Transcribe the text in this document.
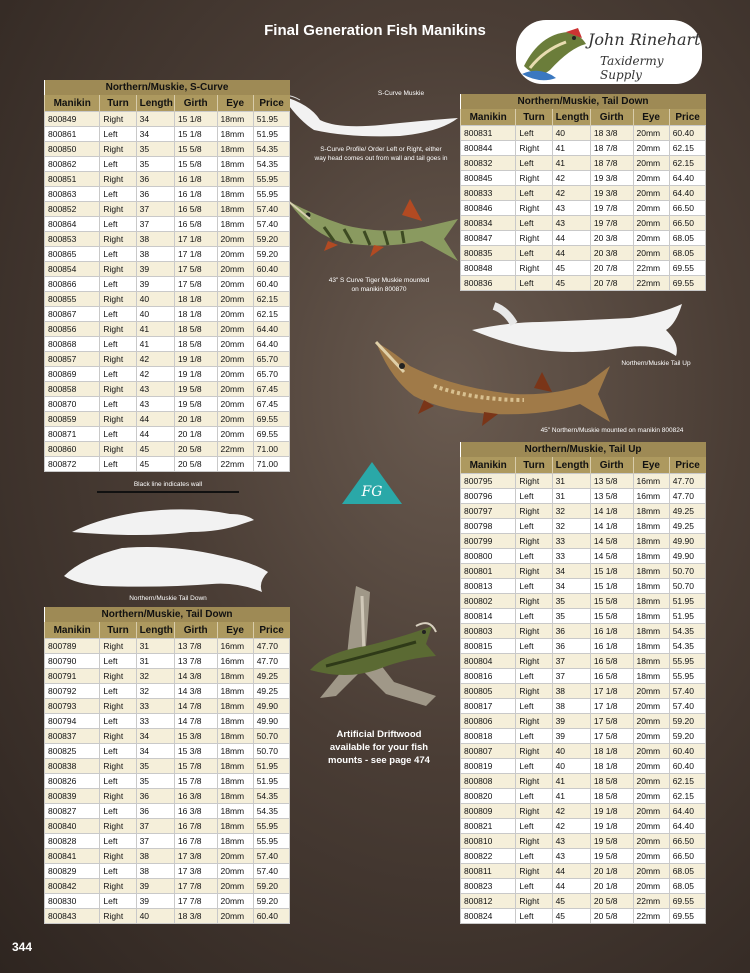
Final Generation Fish Manikins	John Rinehart
Taxidermy Supply
S-Curve Muskie
S-Curve Profile/ Order Left or Right, either
way head comes out from wall and tail goes in
43" S Curve Tiger Muskie mounted
on manikin 800870
Northern/Muskie Tail Up
45" Northern/Muskie mounted on manikin 800824
FG
Black line indicates wall
Northern/Muskie Tail Down
Artificial Driftwood
available for your fish
mounts - see page 474
Northern/Muskie, S-Curve					
Manikin	Turn	Length	Girth	Eye	Price
800849	Right	34	15 1/8	18mm	51.95
800861	Left	34	15 1/8	18mm	51.95
800850	Right	35	15 5/8	18mm	54.35
800862	Left	35	15 5/8	18mm	54.35
800851	Right	36	16 1/8	18mm	55.95
800863	Left	36	16 1/8	18mm	55.95
800852	Right	37	16 5/8	18mm	57.40
800864	Left	37	16 5/8	18mm	57.40
800853	Right	38	17 1/8	20mm	59.20
800865	Left	38	17 1/8	20mm	59.20
800854	Right	39	17 5/8	20mm	60.40
800866	Left	39	17 5/8	20mm	60.40
800855	Right	40	18 1/8	20mm	62.15
800867	Left	40	18 1/8	20mm	62.15
800856	Right	41	18 5/8	20mm	64.40
800868	Left	41	18 5/8	20mm	64.40
800857	Right	42	19 1/8	20mm	65.70
800869	Left	42	19 1/8	20mm	65.70
800858	Right	43	19 5/8	20mm	67.45
800870	Left	43	19 5/8	20mm	67.45
800859	Right	44	20 1/8	20mm	69.55
800871	Left	44	20 1/8	20mm	69.55
800860	Right	45	20 5/8	22mm	71.00
800872	Left	45	20 5/8	22mm	71.00
Northern/Muskie, Tail Down					
Manikin	Turn	Length	Girth	Eye	Price
800831	Left	40	18 3/8	20mm	60.40
800844	Right	41	18 7/8	20mm	62.15
800832	Left	41	18 7/8	20mm	62.15
800845	Right	42	19 3/8	20mm	64.40
800833	Left	42	19 3/8	20mm	64.40
800846	Right	43	19 7/8	20mm	66.50
800834	Left	43	19 7/8	20mm	66.50
800847	Right	44	20 3/8	20mm	68.05
800835	Left	44	20 3/8	20mm	68.05
800848	Right	45	20 7/8	22mm	69.55
800836	Left	45	20 7/8	22mm	69.55
Northern/Muskie, Tail Down					
Manikin	Turn	Length	Girth	Eye	Price
800789	Right	31	13 7/8	16mm	47.70
800790	Left	31	13 7/8	16mm	47.70
800791	Right	32	14 3/8	18mm	49.25
800792	Left	32	14 3/8	18mm	49.25
800793	Right	33	14 7/8	18mm	49.90
800794	Left	33	14 7/8	18mm	49.90
800837	Right	34	15 3/8	18mm	50.70
800825	Left	34	15 3/8	18mm	50.70
800838	Right	35	15 7/8	18mm	51.95
800826	Left	35	15 7/8	18mm	51.95
800839	Right	36	16 3/8	18mm	54.35
800827	Left	36	16 3/8	18mm	54.35
800840	Right	37	16 7/8	18mm	55.95
800828	Left	37	16 7/8	18mm	55.95
800841	Right	38	17 3/8	20mm	57.40
800829	Left	38	17 3/8	20mm	57.40
800842	Right	39	17 7/8	20mm	59.20
800830	Left	39	17 7/8	20mm	59.20
800843	Right	40	18 3/8	20mm	60.40
Northern/Muskie, Tail Up					
Manikin	Turn	Length	Girth	Eye	Price
800795	Right	31	13 5/8	16mm	47.70
800796	Left	31	13 5/8	16mm	47.70
800797	Right	32	14 1/8	18mm	49.25
800798	Left	32	14 1/8	18mm	49.25
800799	Right	33	14 5/8	18mm	49.90
800800	Left	33	14 5/8	18mm	49.90
800801	Right	34	15 1/8	18mm	50.70
800813	Left	34	15 1/8	18mm	50.70
800802	Right	35	15 5/8	18mm	51.95
800814	Left	35	15 5/8	18mm	51.95
800803	Right	36	16 1/8	18mm	54.35
800815	Left	36	16 1/8	18mm	54.35
800804	Right	37	16 5/8	18mm	55.95
800816	Left	37	16 5/8	18mm	55.95
800805	Right	38	17 1/8	20mm	57.40
800817	Left	38	17 1/8	20mm	57.40
800806	Right	39	17 5/8	20mm	59.20
800818	Left	39	17 5/8	20mm	59.20
800807	Right	40	18 1/8	20mm	60.40
800819	Left	40	18 1/8	20mm	60.40
800808	Right	41	18 5/8	20mm	62.15
800820	Left	41	18 5/8	20mm	62.15
800809	Right	42	19 1/8	20mm	64.40
800821	Left	42	19 1/8	20mm	64.40
800810	Right	43	19 5/8	20mm	66.50
800822	Left	43	19 5/8	20mm	66.50
800811	Right	44	20 1/8	20mm	68.05
800823	Left	44	20 1/8	20mm	68.05
800812	Right	45	20 5/8	22mm	69.55
800824	Left	45	20 5/8	22mm	69.55
344
